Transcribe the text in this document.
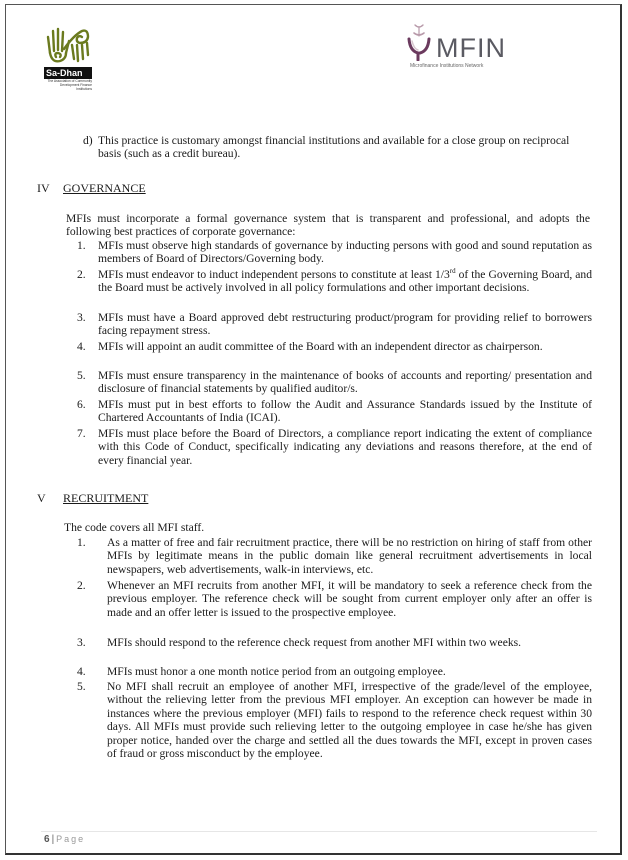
Sa-Dhan
The Association of Community Development Finance Institutions
MFIN
Microfinance Institutions Network
d) This practice is customary amongst financial institutions and available for a close group on reciprocal basis (such as a credit bureau).
IV GOVERNANCE
MFIs must incorporate a formal governance system that is transparent and professional, and adopts the following best practices of corporate governance:
1. MFIs must observe high standards of governance by inducting persons with good and sound reputation as members of Board of Directors/Governing body.
2. MFIs must endeavor to induct independent persons to constitute at least 1/3rd of the Governing Board, and the Board must be actively involved in all policy formulations and other important decisions.
3. MFIs must have a Board approved debt restructuring product/program for providing relief to borrowers facing repayment stress.
4. MFIs will appoint an audit committee of the Board with an independent director as chairperson.
5. MFIs must ensure transparency in the maintenance of books of accounts and reporting/ presentation and disclosure of financial statements by qualified auditor/s.
6. MFIs must put in best efforts to follow the Audit and Assurance Standards issued by the Institute of Chartered Accountants of India (ICAI).
7. MFIs must place before the Board of Directors, a compliance report indicating the extent of compliance with this Code of Conduct, specifically indicating any deviations and reasons therefore, at the end of every financial year.
V RECRUITMENT
The code covers all MFI staff.
1. As a matter of free and fair recruitment practice, there will be no restriction on hiring of staff from other MFIs by legitimate means in the public domain like general recruitment advertisements in local newspapers, web advertisements, walk-in interviews, etc.
2. Whenever an MFI recruits from another MFI, it will be mandatory to seek a reference check from the previous employer. The reference check will be sought from current employer only after an offer is made and an offer letter is issued to the prospective employee.
3. MFIs should respond to the reference check request from another MFI within two weeks.
4. MFIs must honor a one month notice period from an outgoing employee.
5. No MFI shall recruit an employee of another MFI, irrespective of the grade/level of the employee, without the relieving letter from the previous MFI employer. An exception can however be made in instances where the previous employer (MFI) fails to respond to the reference check request within 30 days. All MFIs must provide such relieving letter to the outgoing employee in case he/she has given proper notice, handed over the charge and settled all the dues towards the MFI, except in proven cases of fraud or gross misconduct by the employee.
6 | Page
